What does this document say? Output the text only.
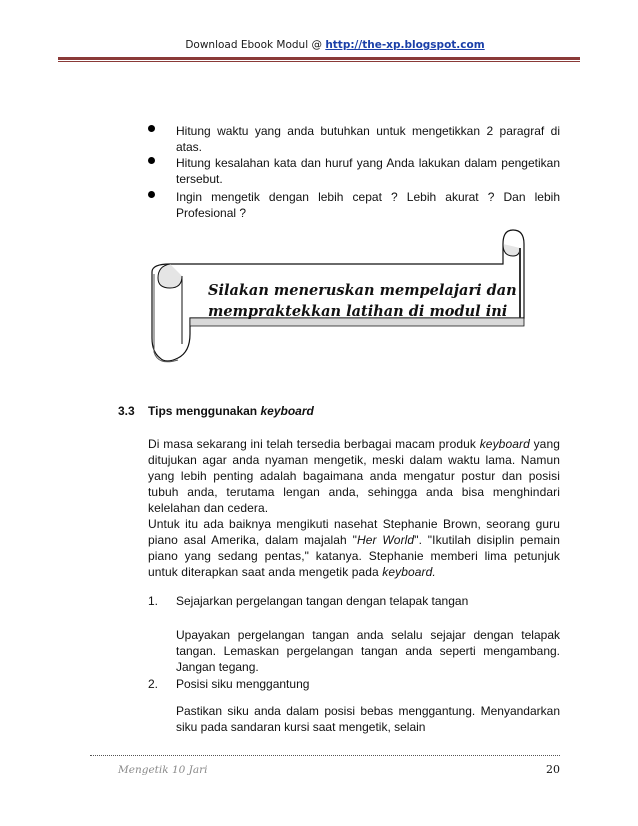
Download Ebook Modul @ http://the-xp.blogspot.com
Hitung waktu yang anda butuhkan untuk mengetikkan 2 paragraf di atas.
Hitung kesalahan kata dan huruf yang Anda lakukan dalam pengetikan tersebut.
Ingin mengetik dengan lebih cepat ? Lebih akurat ? Dan lebih Profesional ?
Silakan meneruskan mempelajari dan
mempraktekkan latihan di modul ini
3.3 Tips menggunakan keyboard
Di masa sekarang ini telah tersedia berbagai macam produk keyboard yang ditujukan agar anda nyaman mengetik, meski dalam waktu lama. Namun yang lebih penting adalah bagaimana anda mengatur postur dan posisi tubuh anda, terutama lengan anda, sehingga anda bisa menghindari kelelahan dan cedera.
Untuk itu ada baiknya mengikuti nasehat Stephanie Brown, seorang guru piano asal Amerika, dalam majalah "Her World". "Ikutilah disiplin pemain piano yang sedang pentas," katanya. Stephanie memberi lima petunjuk untuk diterapkan saat anda mengetik pada keyboard.
1. Sejajarkan pergelangan tangan dengan telapak tangan
Upayakan pergelangan tangan anda selalu sejajar dengan telapak tangan. Lemaskan pergelangan tangan anda seperti mengambang. Jangan tegang.
2. Posisi siku menggantung
Pastikan siku anda dalam posisi bebas menggantung. Menyandarkan siku pada sandaran kursi saat mengetik, selain
Mengetik 10 Jari	20
